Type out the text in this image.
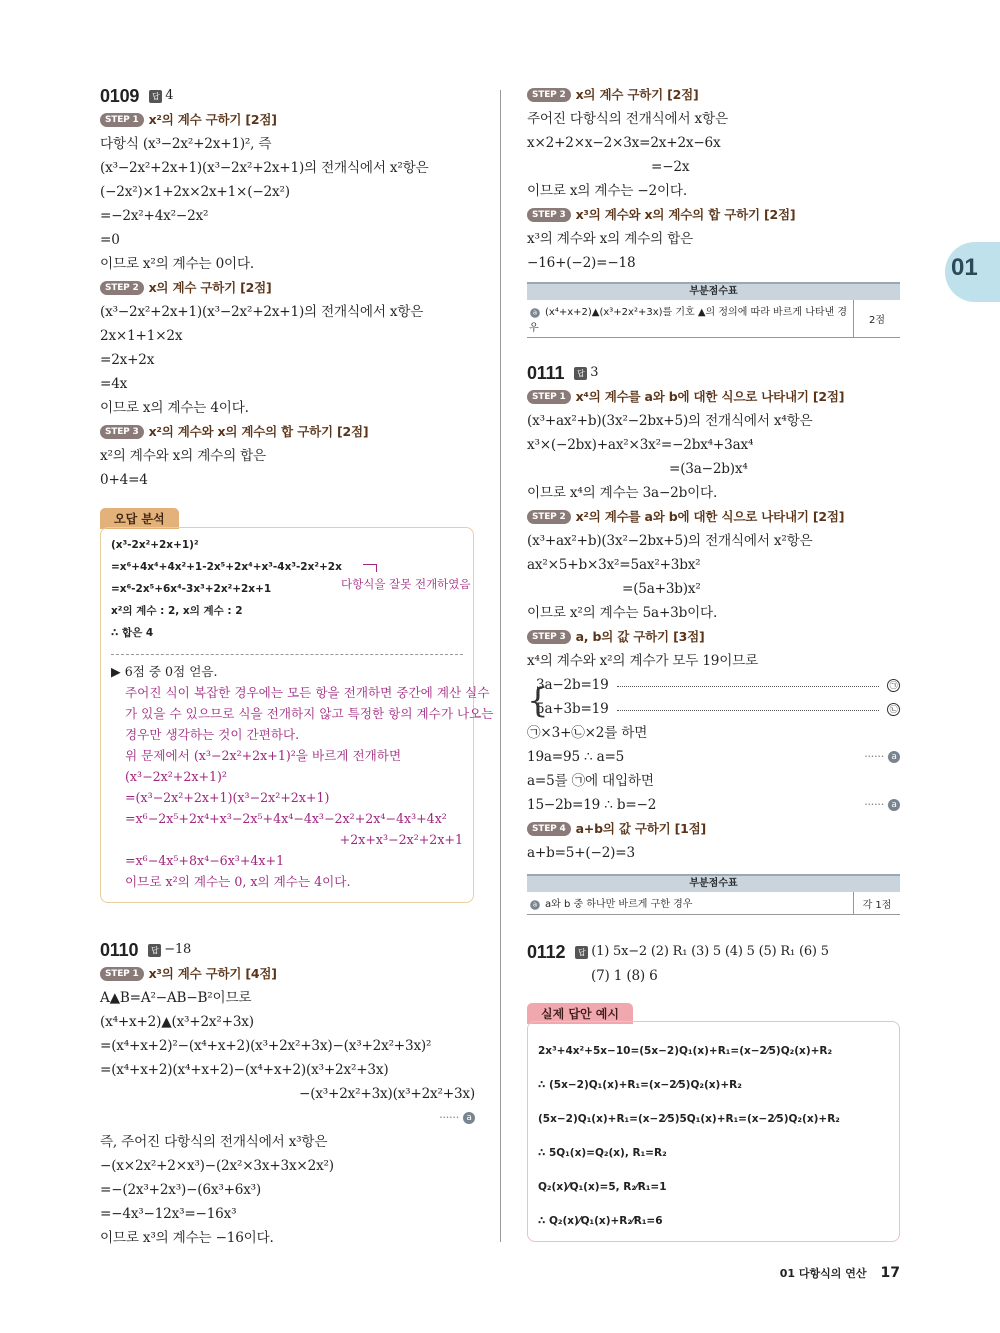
01
0109	답 4
STEP 1 x²의 계수 구하기 [2점]
다항식 (x³−2x²+2x+1)², 즉
(x³−2x²+2x+1)(x³−2x²+2x+1)의 전개식에서 x²항은
(−2x²)×1+2x×2x+1×(−2x²)
=−2x²+4x²−2x²
=0
이므로 x²의 계수는 0이다.
STEP 2 x의 계수 구하기 [2점]
(x³−2x²+2x+1)(x³−2x²+2x+1)의 전개식에서 x항은
2x×1+1×2x
=2x+2x
=4x
이므로 x의 계수는 4이다.
STEP 3 x²의 계수와 x의 계수의 합 구하기 [2점]
x²의 계수와 x의 계수의 합은
0+4=4
오답 분석
(x³-2x²+2x+1)²
=x⁶+4x⁴+4x²+1-2x⁵+2x⁴+x³-4x³-2x²+2x
=x⁶-2x⁵+6x⁴-3x³+2x²+2x+1
x²의 계수 : 2, x의 계수 : 2
∴ 합은 4
다항식을 잘못 전개하였음
▶ 6점 중 0점 얻음.
주어진 식이 복잡한 경우에는 모든 항을 전개하면 중간에 계산 실수
가 있을 수 있으므로 식을 전개하지 않고 특정한 항의 계수가 나오는
경우만 생각하는 것이 간편하다.
위 문제에서 (x³−2x²+2x+1)²을 바르게 전개하면
(x³−2x²+2x+1)²
=(x³−2x²+2x+1)(x³−2x²+2x+1)
=x⁶−2x⁵+2x⁴+x³−2x⁵+4x⁴−4x³−2x²+2x⁴−4x³+4x²
+2x+x³−2x²+2x+1
=x⁶−4x⁵+8x⁴−6x³+4x+1
이므로 x²의 계수는 0, x의 계수는 4이다.
0110	답 −18
STEP 1 x³의 계수 구하기 [4점]
A▲B=A²−AB−B²이므로
(x⁴+x+2)▲(x³+2x²+3x)
=(x⁴+x+2)²−(x⁴+x+2)(x³+2x²+3x)−(x³+2x²+3x)²
=(x⁴+x+2)(x⁴+x+2)−(x⁴+x+2)(x³+2x²+3x)
−(x³+2x²+3x)(x³+2x²+3x)
······ a
즉, 주어진 다항식의 전개식에서 x³항은
−(x×2x²+2×x³)−(2x²×3x+3x×2x²)
=−(2x³+2x³)−(6x³+6x³)
=−4x³−12x³=−16x³
이므로 x³의 계수는 −16이다.
STEP 2 x의 계수 구하기 [2점]
주어진 다항식의 전개식에서 x항은
x×2+2×x−2×3x=2x+2x−6x
=−2x
이므로 x의 계수는 −2이다.
STEP 3 x³의 계수와 x의 계수의 합 구하기 [2점]
x³의 계수와 x의 계수의 합은
−16+(−2)=−18
부분점수표
a (x⁴+x+2)▲(x³+2x²+3x)를 기호 ▲의 정의에 따라 바르게 나타낸 경우
2점
0111	답 3
STEP 1 x⁴의 계수를 a와 b에 대한 식으로 나타내기 [2점]
(x³+ax²+b)(3x²−2bx+5)의 전개식에서 x⁴항은
x³×(−2bx)+ax²×3x²=−2bx⁴+3ax⁴
=(3a−2b)x⁴
이므로 x⁴의 계수는 3a−2b이다.
STEP 2 x²의 계수를 a와 b에 대한 식으로 나타내기 [2점]
(x³+ax²+b)(3x²−2bx+5)의 전개식에서 x²항은
ax²×5+b×3x²=5ax²+3bx²
=(5a+3b)x²
이므로 x²의 계수는 5a+3b이다.
STEP 3 a, b의 값 구하기 [3점]
x⁴의 계수와 x²의 계수가 모두 19이므로
3a−2b=19	㉠
5a+3b=19	㉡
㉠×3+㉡×2를 하면
19a=95 ∴ a=5	······ a
a=5를 ㉠에 대입하면
15−2b=19 ∴ b=−2	······ a
STEP 4 a+b의 값 구하기 [1점]
a+b=5+(−2)=3
{
부분점수표
a a와 b 중 하나만 바르게 구한 경우	각 1점
0112	답 (1) 5x−2 (2) R₁ (3) 5 (4) 5 (5) R₁ (6) 5
(7) 1 (8) 6
실제 답안 예시
2x³+4x²+5x−10=(5x−2)Q₁(x)+R₁=(x−2⁄5)Q₂(x)+R₂
∴ (5x−2)Q₁(x)+R₁=(x−2⁄5)Q₂(x)+R₂
(5x−2)Q₁(x)+R₁=(x−2⁄5)5Q₁(x)+R₁=(x−2⁄5)Q₂(x)+R₂
∴ 5Q₁(x)=Q₂(x), R₁=R₂
Q₂(x)⁄Q₁(x)=5, R₂⁄R₁=1
∴ Q₂(x)⁄Q₁(x)+R₂⁄R₁=6
01 다항식의 연산 17
